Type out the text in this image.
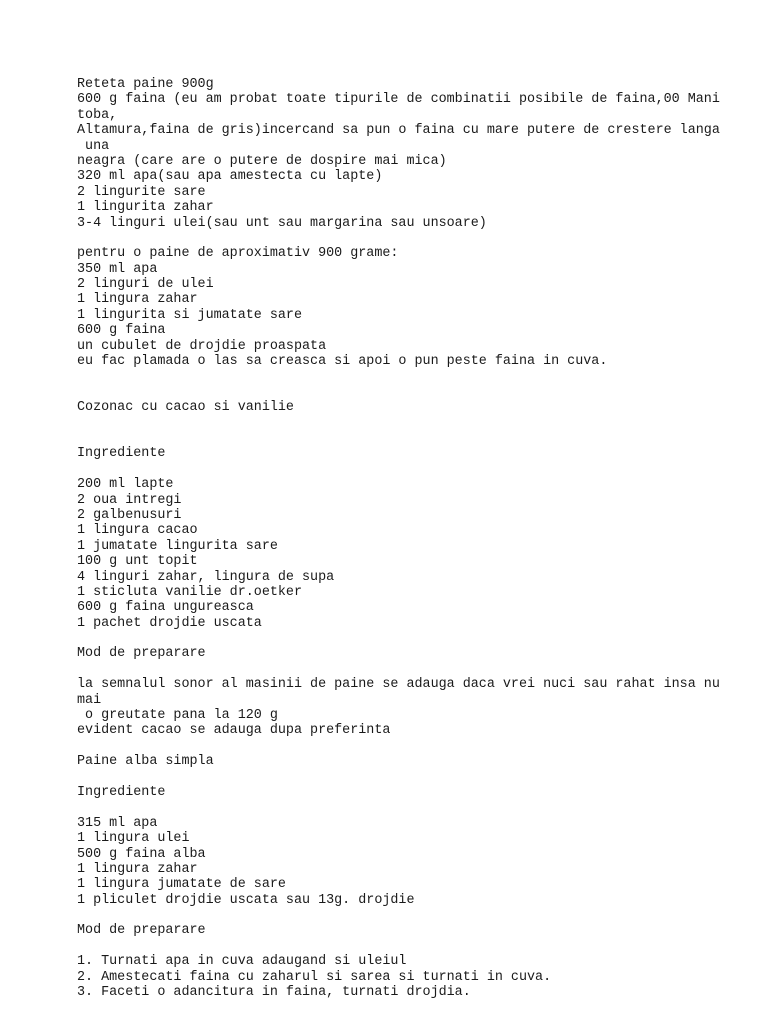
Reteta paine 900g
600 g faina (eu am probat toate tipurile de combinatii posibile de faina,00 Mani
toba,
Altamura,faina de gris)incercand sa pun o faina cu mare putere de crestere langa
una
neagra (care are o putere de dospire mai mica)
320 ml apa(sau apa amestecta cu lapte)
2 lingurite sare
1 lingurita zahar
3-4 linguri ulei(sau unt sau margarina sau unsoare)
pentru o paine de aproximativ 900 grame:
350 ml apa
2 linguri de ulei
1 lingura zahar
1 lingurita si jumatate sare
600 g faina
un cubulet de drojdie proaspata
eu fac plamada o las sa creasca si apoi o pun peste faina in cuva.
Cozonac cu cacao si vanilie
Ingrediente
200 ml lapte
2 oua intregi
2 galbenusuri
1 lingura cacao
1 jumatate lingurita sare
100 g unt topit
4 linguri zahar, lingura de supa
1 sticluta vanilie dr.oetker
600 g faina ungureasca
1 pachet drojdie uscata
Mod de preparare
la semnalul sonor al masinii de paine se adauga daca vrei nuci sau rahat insa nu
mai
o greutate pana la 120 g
evident cacao se adauga dupa preferinta
Paine alba simpla
Ingrediente
315 ml apa
1 lingura ulei
500 g faina alba
1 lingura zahar
1 lingura jumatate de sare
1 pliculet drojdie uscata sau 13g. drojdie
Mod de preparare
1. Turnati apa in cuva adaugand si uleiul
2. Amestecati faina cu zaharul si sarea si turnati in cuva.
3. Faceti o adancitura in faina, turnati drojdia.
